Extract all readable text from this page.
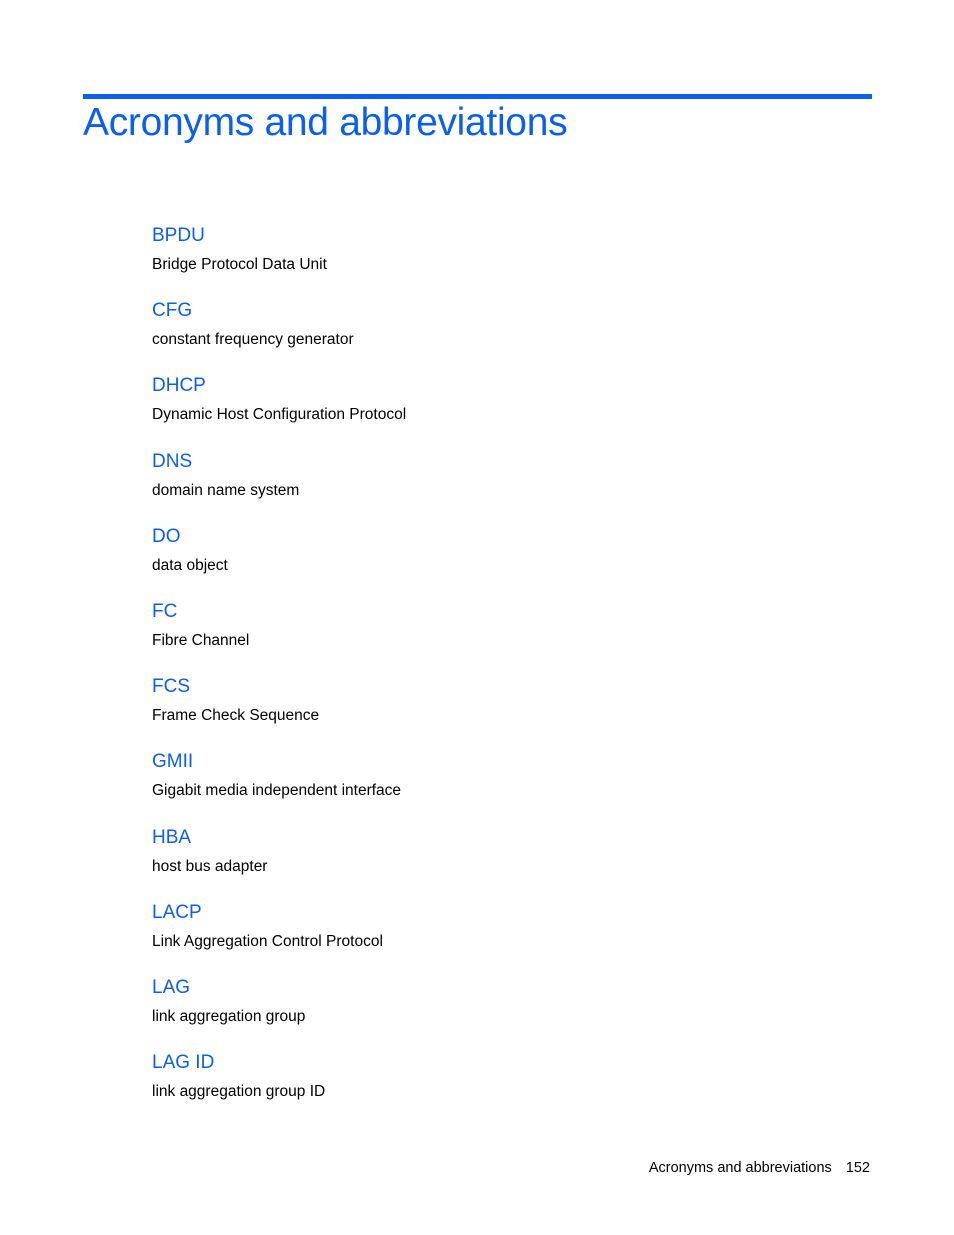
Acronyms and abbreviations
BPDU
Bridge Protocol Data Unit
CFG
constant frequency generator
DHCP
Dynamic Host Configuration Protocol
DNS
domain name system
DO
data object
FC
Fibre Channel
FCS
Frame Check Sequence
GMII
Gigabit media independent interface
HBA
host bus adapter
LACP
Link Aggregation Control Protocol
LAG
link aggregation group
LAG ID
link aggregation group ID
Acronyms and abbreviations 152
